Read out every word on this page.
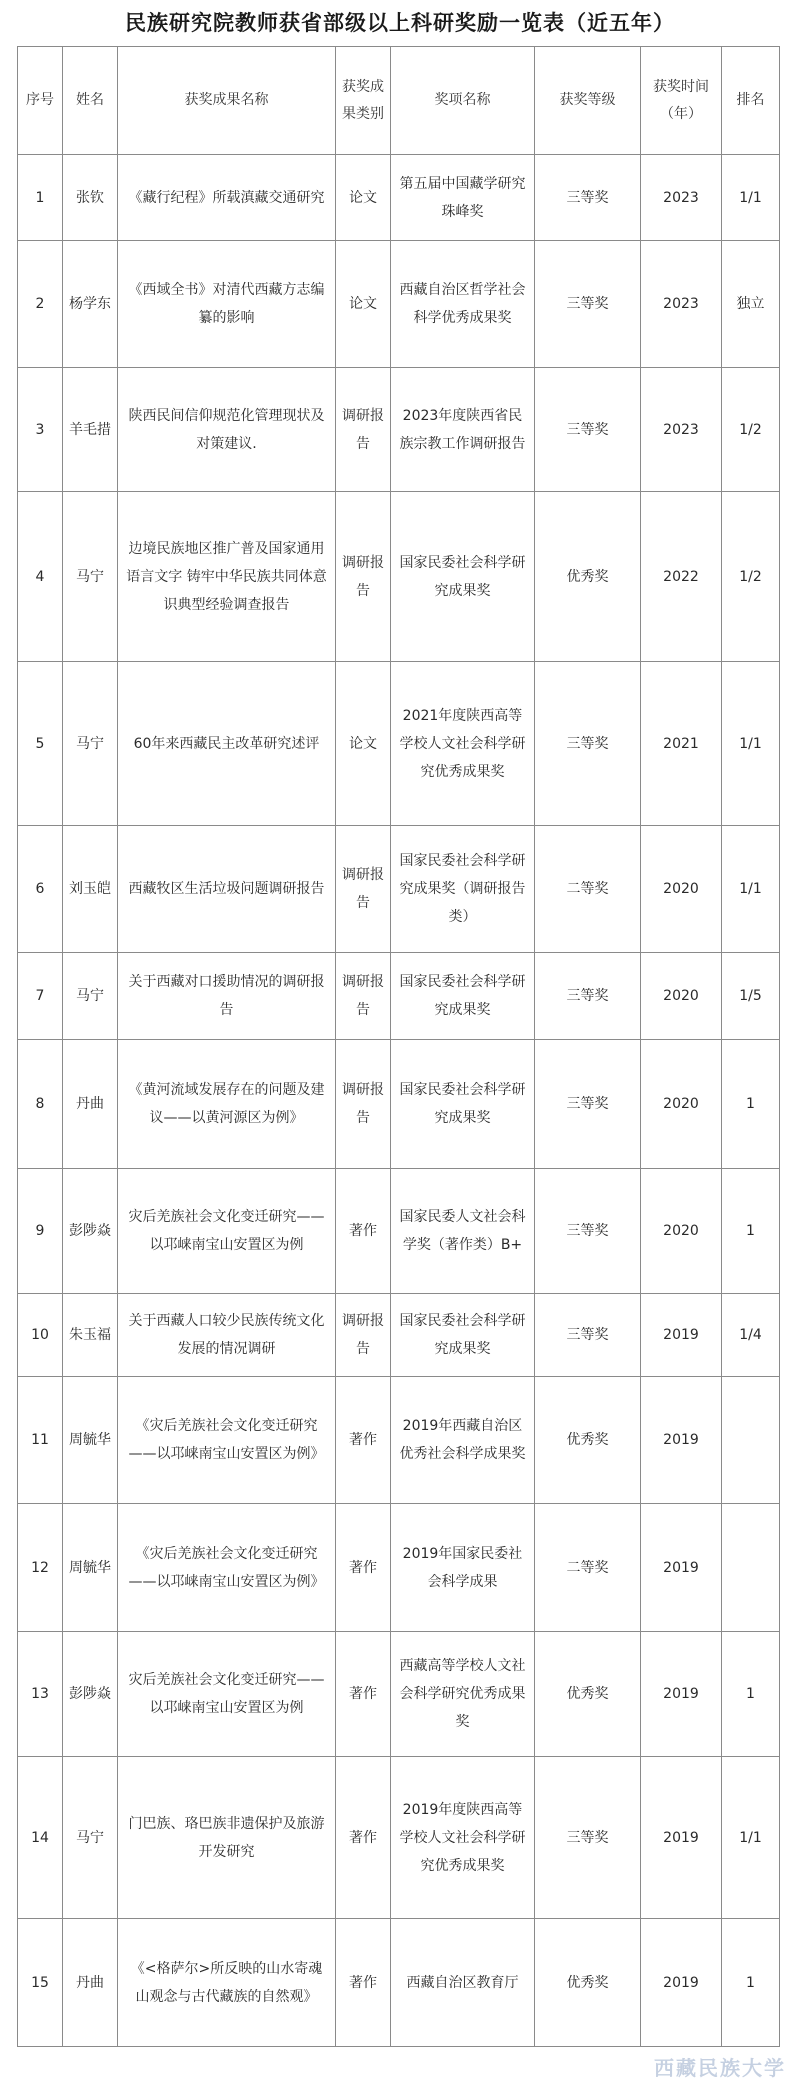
民族研究院教师获省部级以上科研奖励一览表（近五年）
序号	姓名	获奖成果名称	获奖成果类别	奖项名称	获奖等级	获奖时间（年）	排名
1	张钦	《藏行纪程》所载滇藏交通研究	论文	第五届中国藏学研究珠峰奖	三等奖	2023	1/1
2	杨学东	《西域全书》对清代西藏方志编纂的影响	论文	西藏自治区哲学社会科学优秀成果奖	三等奖	2023	独立
3	羊毛措	陕西民间信仰规范化管理现状及对策建议.	调研报告	2023年度陕西省民族宗教工作调研报告	三等奖	2023	1/2
4	马宁	边境民族地区推广普及国家通用语言文字 铸牢中华民族共同体意识典型经验调查报告	调研报告	国家民委社会科学研究成果奖	优秀奖	2022	1/2
5	马宁	60年来西藏民主改革研究述评	论文	2021年度陕西高等学校人文社会科学研究优秀成果奖	三等奖	2021	1/1
6	刘玉皑	西藏牧区生活垃圾问题调研报告	调研报告	国家民委社会科学研究成果奖（调研报告类）	二等奖	2020	1/1
7	马宁	关于西藏对口援助情况的调研报告	调研报告	国家民委社会科学研究成果奖	三等奖	2020	1/5
8	丹曲	《黄河流域发展存在的问题及建议——以黄河源区为例》	调研报告	国家民委社会科学研究成果奖	三等奖	2020	1
9	彭陟焱	灾后羌族社会文化变迁研究——以邛崃南宝山安置区为例	著作	国家民委人文社会科学奖（著作类）B+	三等奖	2020	1
10	朱玉福	关于西藏人口较少民族传统文化发展的情况调研	调研报告	国家民委社会科学研究成果奖	三等奖	2019	1/4
11	周毓华	《灾后羌族社会文化变迁研究——以邛崃南宝山安置区为例》	著作	2019年西藏自治区优秀社会科学成果奖	优秀奖	2019	
12	周毓华	《灾后羌族社会文化变迁研究——以邛崃南宝山安置区为例》	著作	2019年国家民委社会科学成果	二等奖	2019	
13	彭陟焱	灾后羌族社会文化变迁研究——以邛崃南宝山安置区为例	著作	西藏高等学校人文社会科学研究优秀成果奖	优秀奖	2019	1
14	马宁	门巴族、珞巴族非遗保护及旅游开发研究	著作	2019年度陕西高等学校人文社会科学研究优秀成果奖	三等奖	2019	1/1
15	丹曲	《<格萨尔>所反映的山水寄魂山观念与古代藏族的自然观》	著作	西藏自治区教育厅	优秀奖	2019	1
西藏民族大学
